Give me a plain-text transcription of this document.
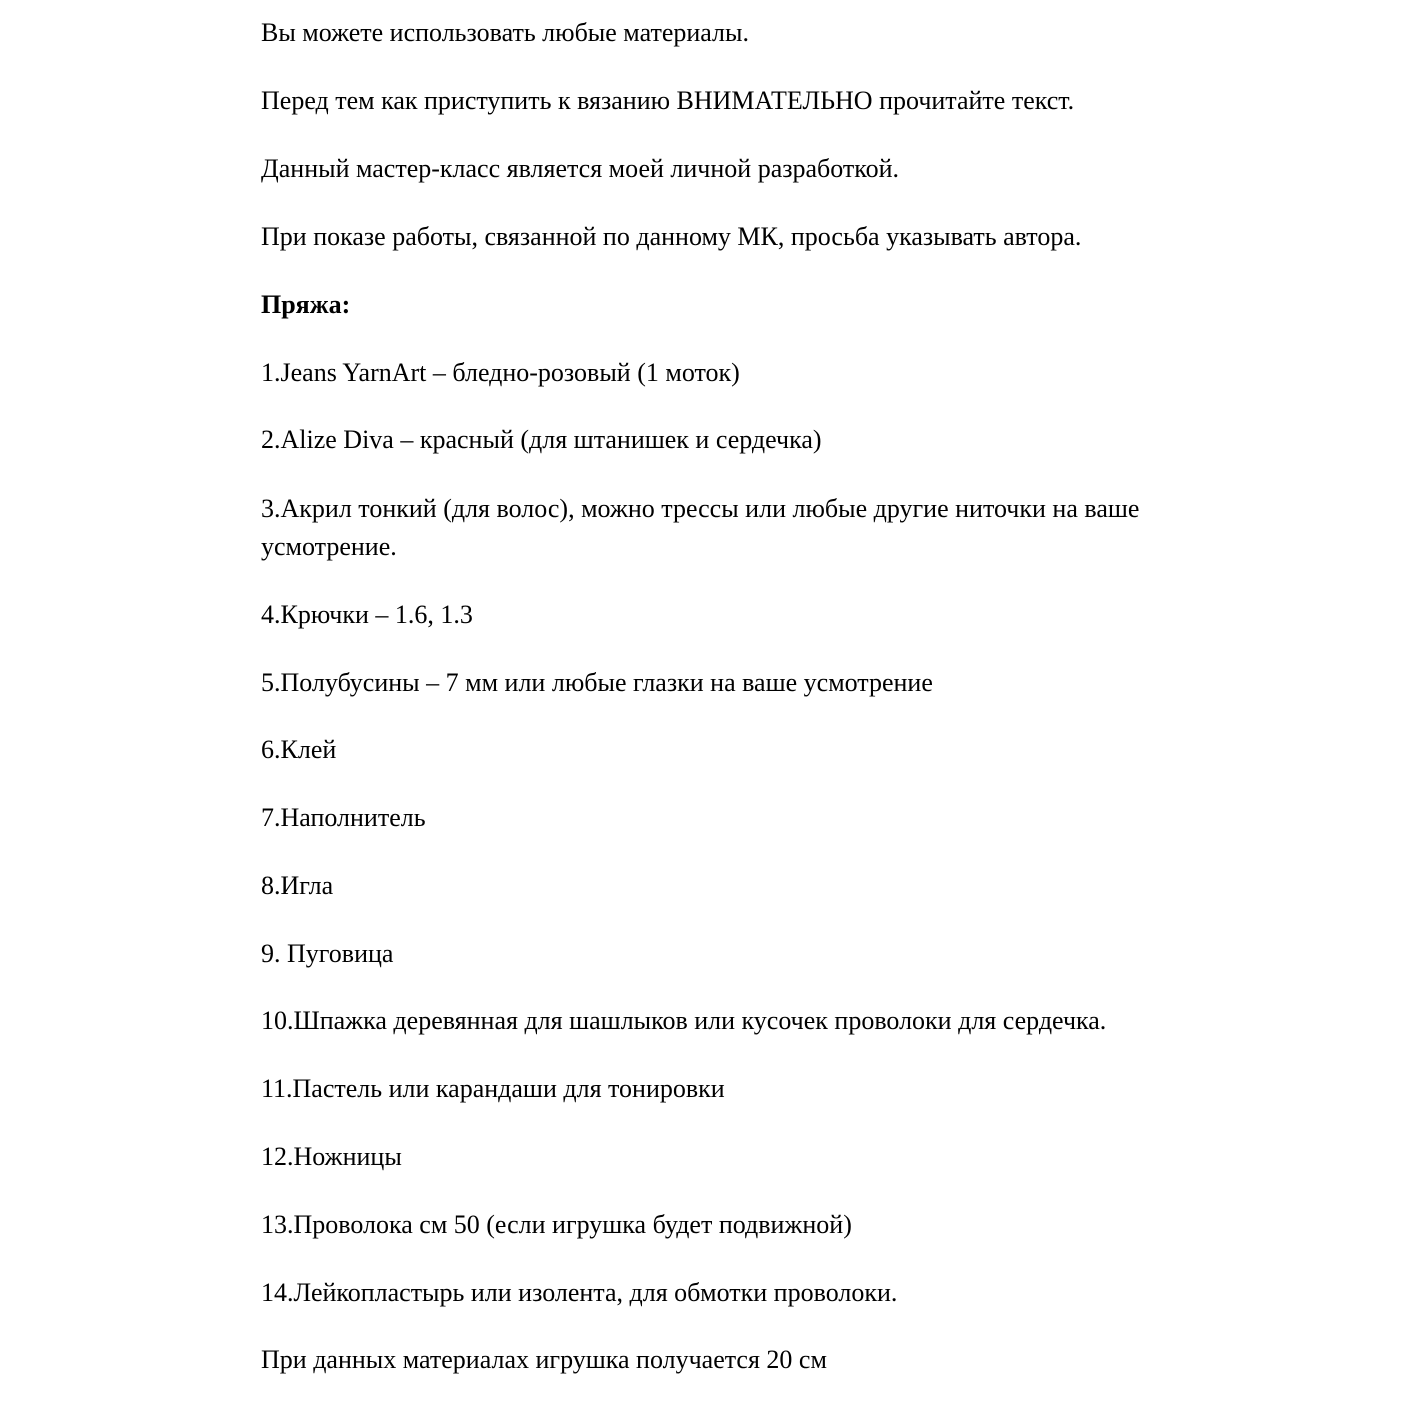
Вы можете использовать любые материалы.

Перед тем как приступить к вязанию ВНИМАТЕЛЬНО прочитайте текст.

Данный мастер-класс является моей личной разработкой.

При показе работы, связанной по данному МК, просьба указывать автора.

Пряжа:

1.Jeans YarnArt – бледно-розовый (1 моток)

2.Alize Diva – красный (для штанишек и сердечка)

3.Акрил тонкий (для волос), можно трессы или любые другие ниточки на ваше усмотрение.

4.Крючки – 1.6, 1.3

5.Полубусины – 7 мм или любые глазки на ваше усмотрение

6.Клей

7.Наполнитель

8.Игла

9. Пуговица

10.Шпажка деревянная для шашлыков или кусочек проволоки для сердечка.

11.Пастель или карандаши для тонировки

12.Ножницы

13.Проволока см 50 (если игрушка будет подвижной)

14.Лейкопластырь или изолента, для обмотки проволоки.

При данных материалах игрушка получается 20 см
